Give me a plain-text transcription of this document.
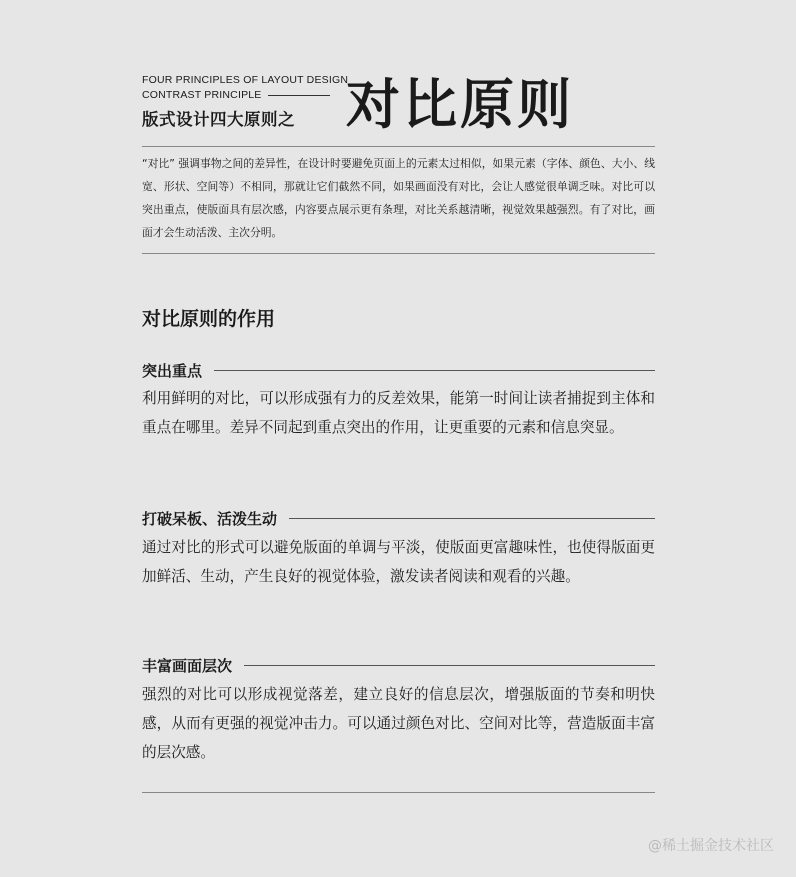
FOUR PRINCIPLES OF LAYOUT DESIGN
CONTRAST PRINCIPLE
版式设计四大原则之 对比原则
“对比” 强调事物之间的差异性，在设计时要避免页面上的元素太过相似，如果元素（字体、颜色、大小、线宽、形状、空间等）不相同，那就让它们截然不同，如果画面没有对比，会让人感觉很单调乏味。对比可以突出重点，使版面具有层次感，内容要点展示更有条理，对比关系越清晰，视觉效果越强烈。有了对比，画面才会生动活泼、主次分明。
对比原则的作用
突出重点
利用鲜明的对比，可以形成强有力的反差效果，能第一时间让读者捕捉到主体和重点在哪里。差异不同起到重点突出的作用，让更重要的元素和信息突显。
打破呆板、活泼生动
通过对比的形式可以避免版面的单调与平淡，使版面更富趣味性，也使得版面更加鲜活、生动，产生良好的视觉体验，激发读者阅读和观看的兴趣。
丰富画面层次
强烈的对比可以形成视觉落差，建立良好的信息层次，增强版面的节奏和明快感，从而有更强的视觉冲击力。可以通过颜色对比、空间对比等，营造版面丰富的层次感。
@稀土掘金技术社区
